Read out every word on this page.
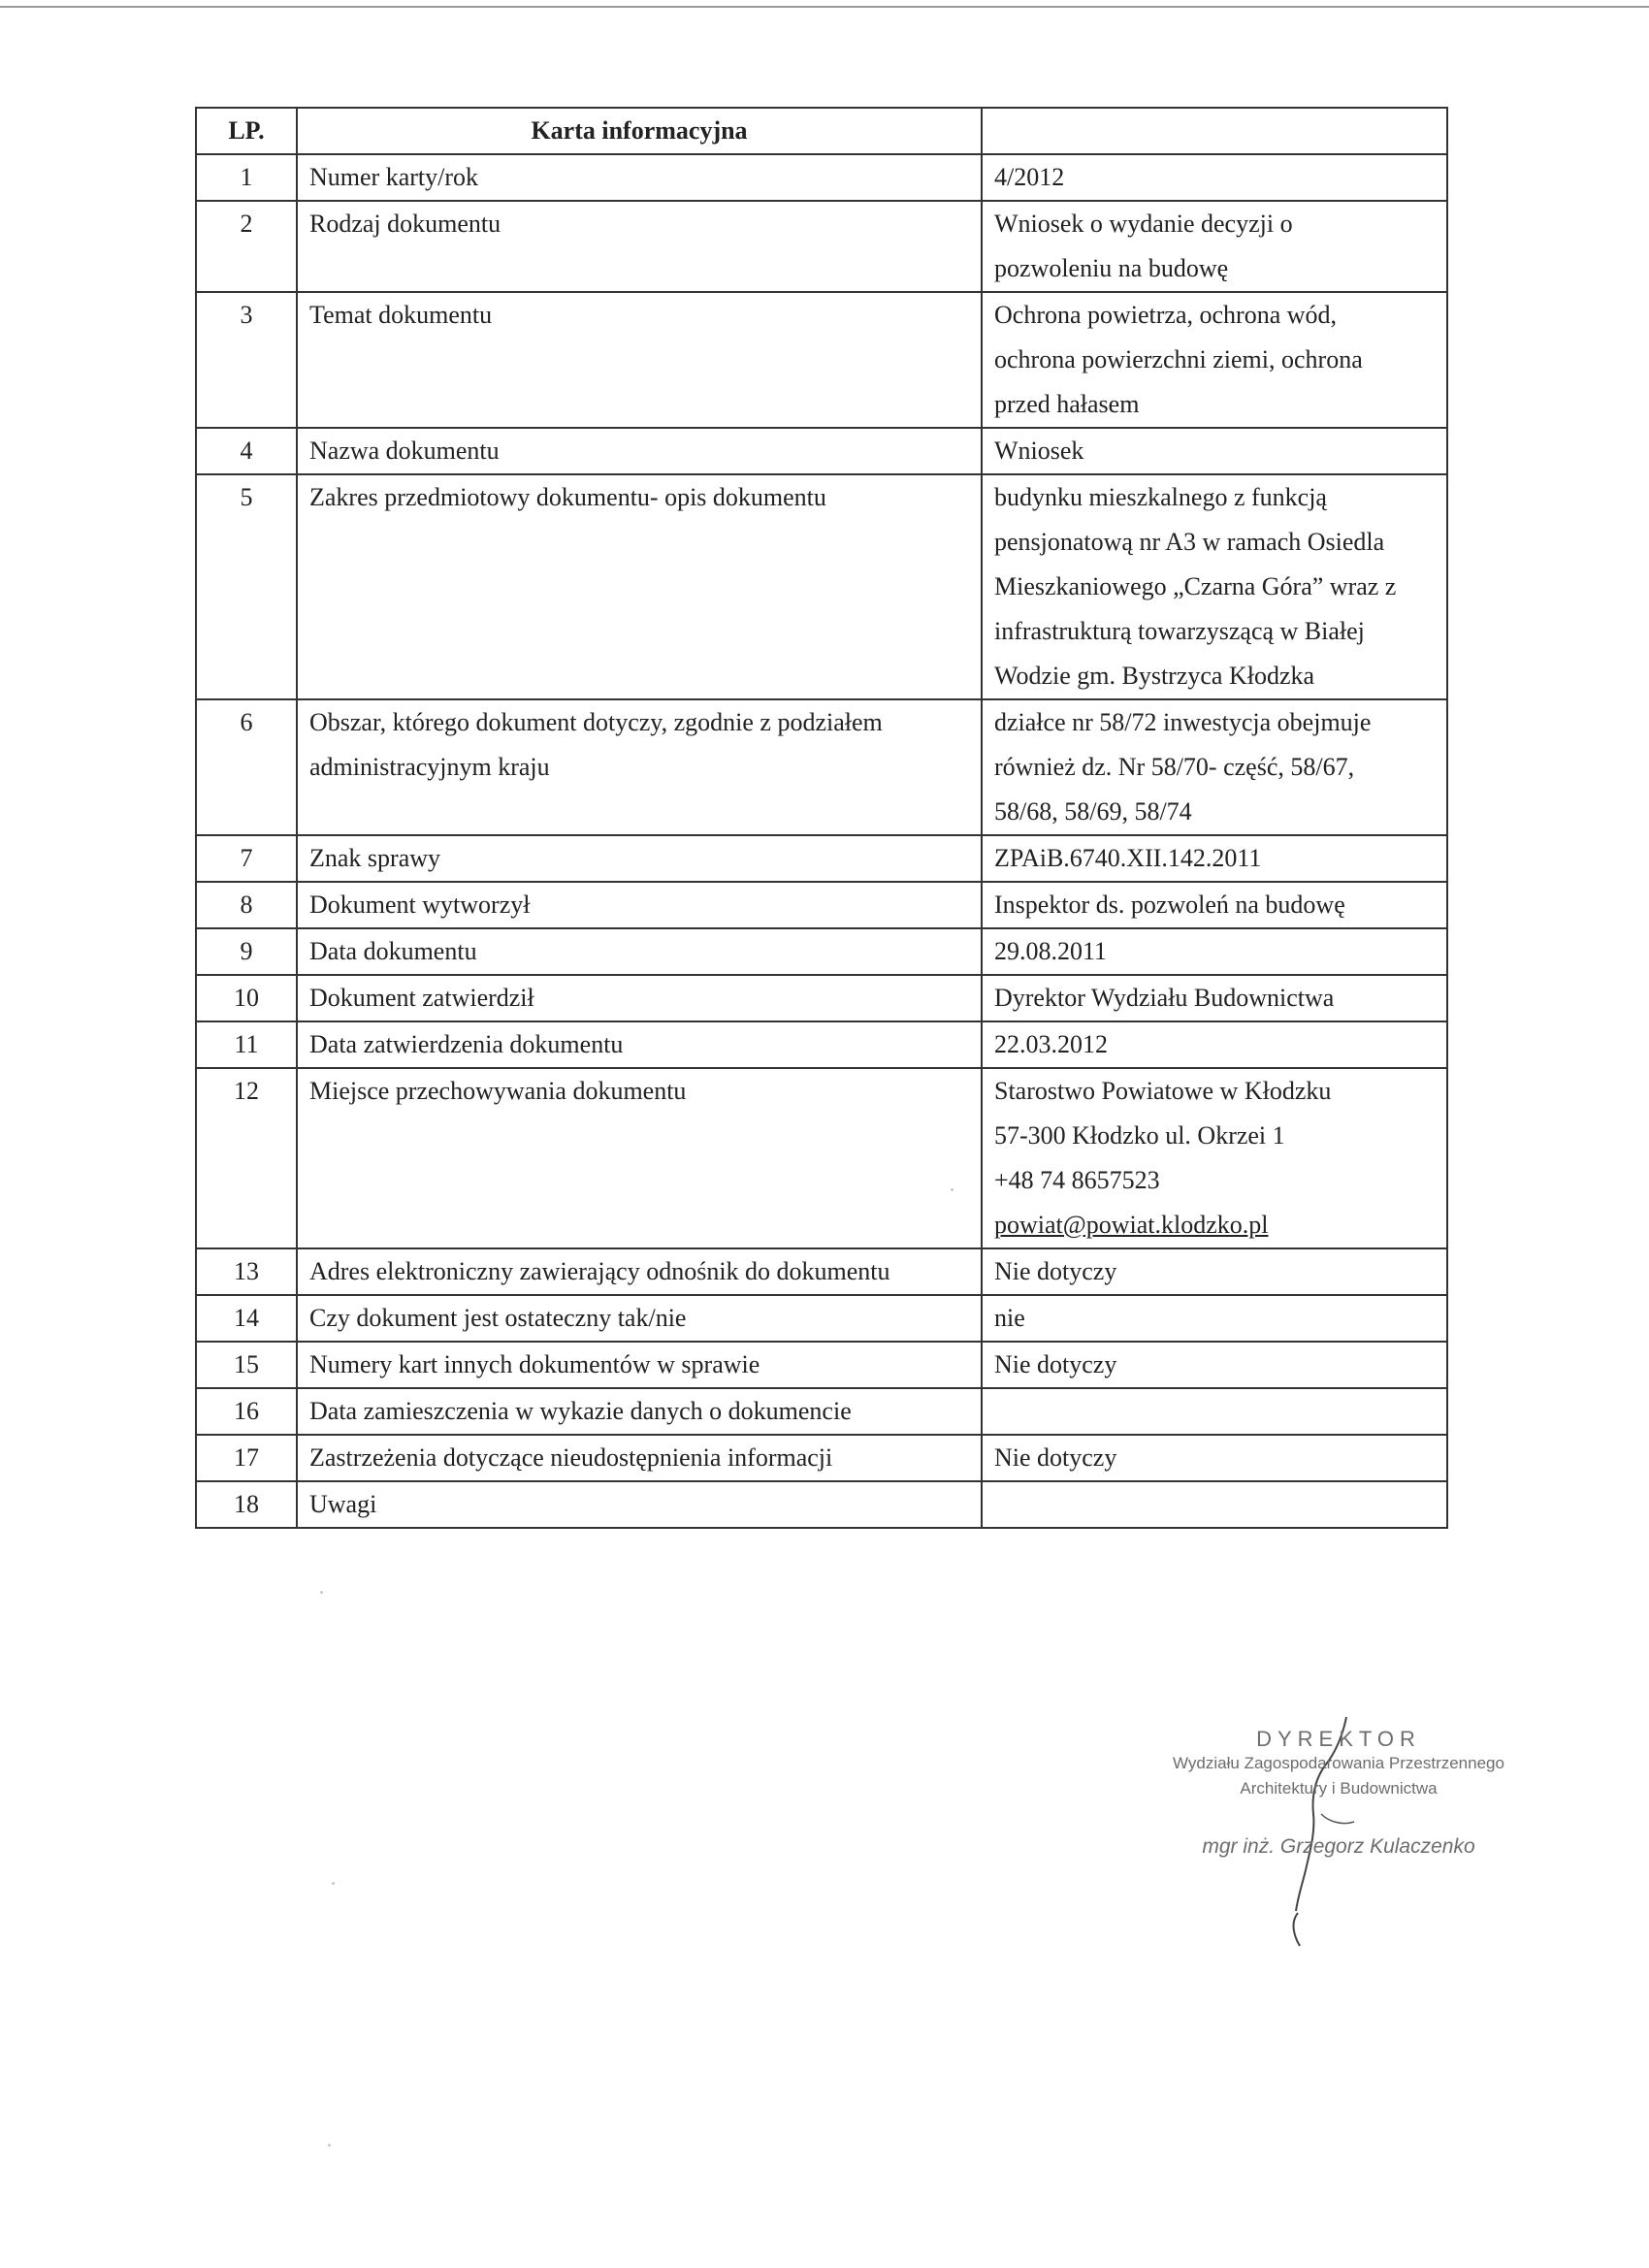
LP.	Karta informacyjna	
1	Numer karty/rok	4/2012

2	Rodzaj dokumentu	Wniosek o wydanie decyzji o
pozwoleniu na budowę

3	Temat dokumentu	Ochrona powietrza, ochrona wód,
ochrona powierzchni ziemi, ochrona
przed hałasem

4	Nazwa dokumentu	Wniosek

5	Zakres przedmiotowy dokumentu- opis dokumentu	budynku mieszkalnego z funkcją
pensjonatową nr A3 w ramach Osiedla
Mieszkaniowego „Czarna Góra” wraz z
infrastrukturą towarzyszącą w Białej
Wodzie gm. Bystrzyca Kłodzka

6	Obszar, którego dokument dotyczy, zgodnie z podziałem
administracyjnym kraju	działce nr 58/72 inwestycja obejmuje
również dz. Nr 58/70- część, 58/67,
58/68, 58/69, 58/74

7	Znak sprawy	ZPAiB.6740.XII.142.2011

8	Dokument wytworzył	Inspektor ds. pozwoleń na budowę

9	Data dokumentu	29.08.2011

10	Dokument zatwierdził	Dyrektor Wydziału Budownictwa

11	Data zatwierdzenia dokumentu	22.03.2012

12	Miejsce przechowywania dokumentu	Starostwo Powiatowe w Kłodzku
57-300 Kłodzko ul. Okrzei 1
+48 74 8657523
powiat@powiat.klodzko.pl

13	Adres elektroniczny zawierający odnośnik do dokumentu	Nie dotyczy

14	Czy dokument jest ostateczny tak/nie	nie

15	Numery kart innych dokumentów w sprawie	Nie dotyczy

16	Data zamieszczenia w wykazie danych o dokumencie	

17	Zastrzeżenia dotyczące nieudostępnienia informacji	Nie dotyczy

18	Uwagi	

DYREKTOR
Wydziału Zagospodarowania Przestrzennego
Architektury i Budownictwa
mgr inż. Grzegorz Kulaczenko
